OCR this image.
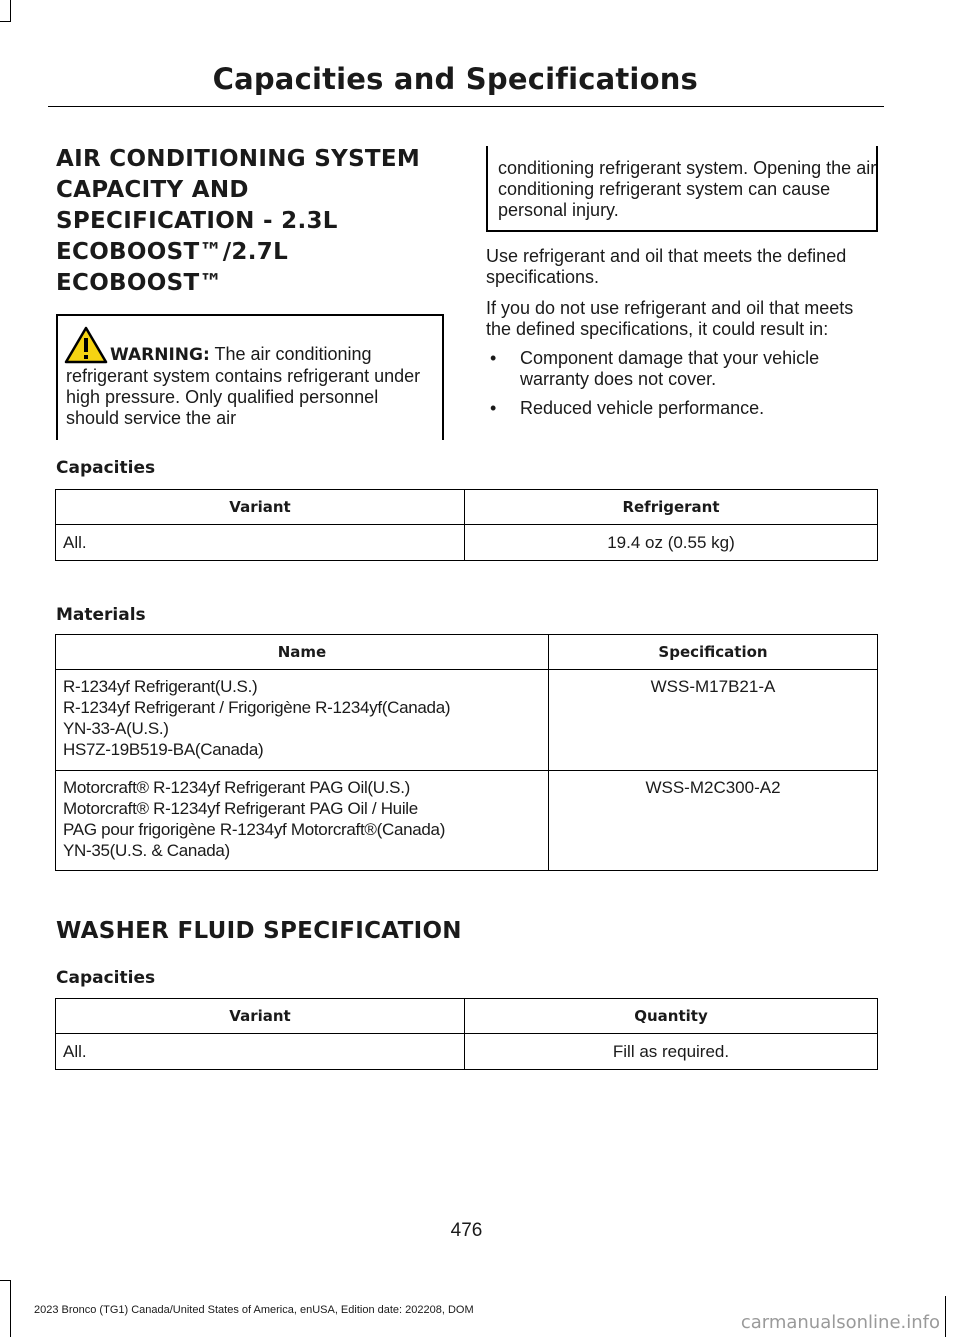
Capacities and Specifications

AIR CONDITIONING SYSTEM

CAPACITY AND

SPECIFICATION - 2.3L

ECOBOOST™/2.7L

ECOBOOST™

WARNING: The air conditioning refrigerant system contains refrigerant under high pressure. Only qualified personnel should service the air
conditioning refrigerant system. Opening the air conditioning refrigerant system can cause personal injury.

Use refrigerant and oil that meets the defined specifications.

If you do not use refrigerant and oil that meets the defined specifications, it could result in:

• Component damage that your vehicle warranty does not cover.
• Reduced vehicle performance.
Capacities
Variant	Refrigerant
All.	19.4 oz (0.55 kg)
Materials
Name	Specification

R-1234yf Refrigerant(U.S.)
R-1234yf Refrigerant / Frigorigène R-1234yf(Canada)
YN-33-A(U.S.)
HS7Z-19B519-BA(Canada)	WSS-M17B21-A

Motorcraft® R-1234yf Refrigerant PAG Oil(U.S.)
Motorcraft® R-1234yf Refrigerant PAG Oil / Huile
PAG pour frigorigène R-1234yf Motorcraft®(Canada)
YN-35(U.S. & Canada)	WSS-M2C300-A2
WASHER FLUID SPECIFICATION
Capacities
Variant	Quantity
All.	Fill as required.
476
2023 Bronco (TG1) Canada/United States of America, enUSA, Edition date: 202208, DOM
carmanualsonline.info
